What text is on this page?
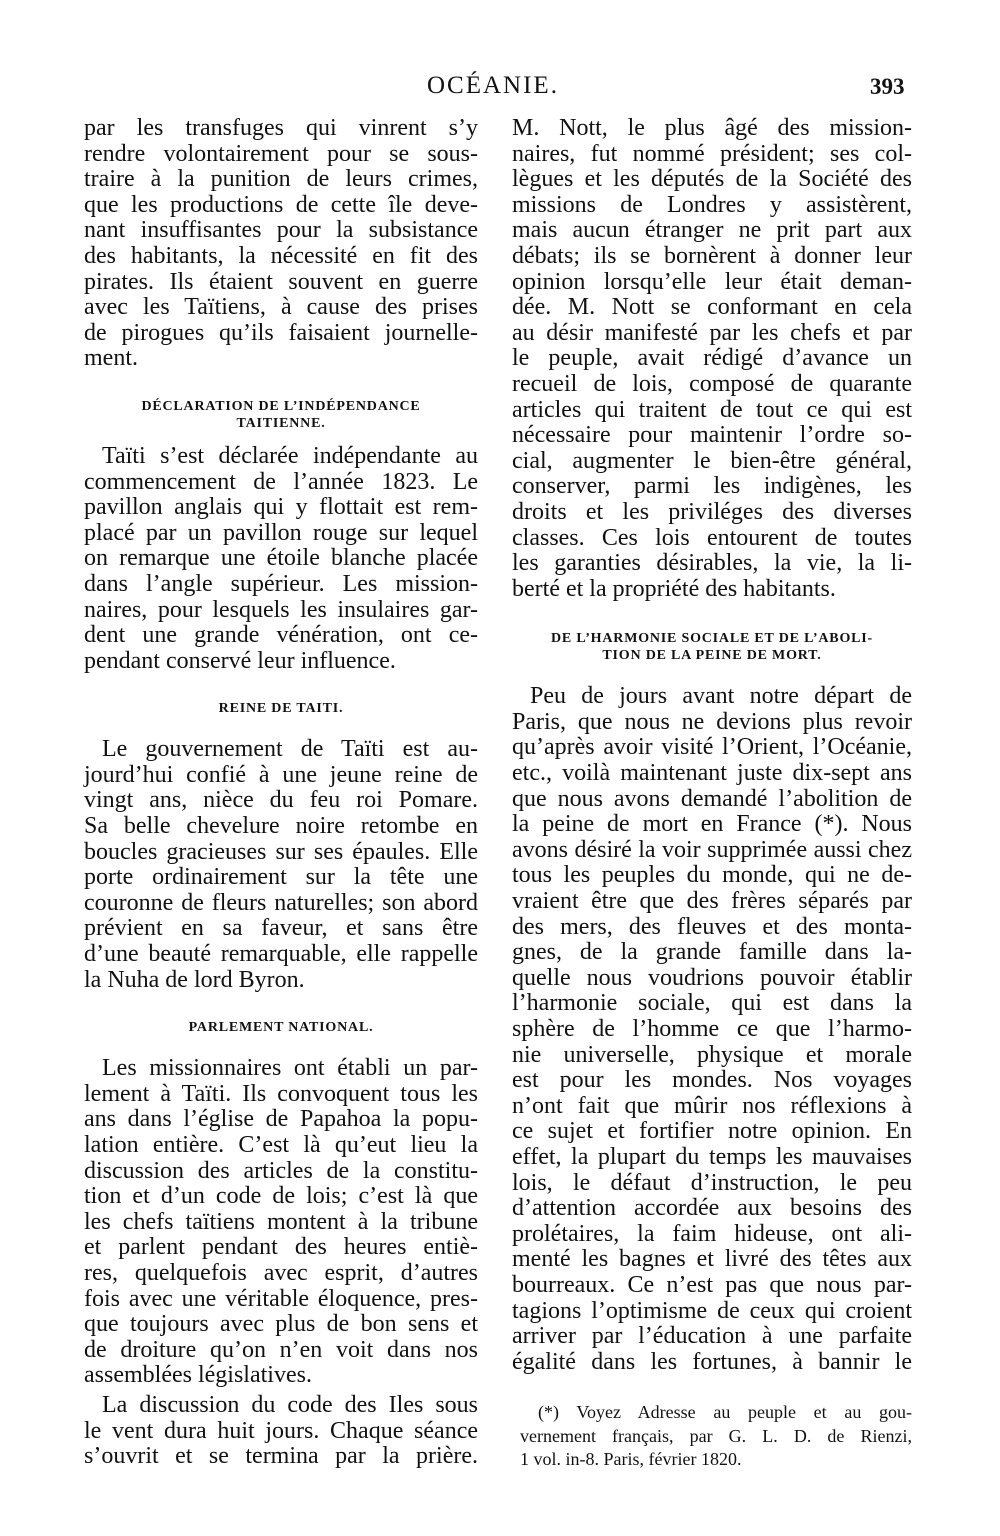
OCÉANIE.	393
par les transfuges qui vinrent s’y
rendre volontairement pour se sous-
traire à la punition de leurs crimes,
que les productions de cette île deve-
nant insuffisantes pour la subsistance
des habitants, la nécessité en fit des
pirates. Ils étaient souvent en guerre
avec les Taïtiens, à cause des prises
de pirogues qu’ils faisaient journelle-
ment.
DÉCLARATION DE L’INDÉPENDANCE
TAITIENNE.
Taïti s’est déclarée indépendante au
commencement de l’année 1823. Le
pavillon anglais qui y flottait est rem-
placé par un pavillon rouge sur lequel
on remarque une étoile blanche placée
dans l’angle supérieur. Les mission-
naires, pour lesquels les insulaires gar-
dent une grande vénération, ont ce-
pendant conservé leur influence.
REINE DE TAITI.
Le gouvernement de Taïti est au-
jourd’hui confié à une jeune reine de
vingt ans, nièce du feu roi Pomare.
Sa belle chevelure noire retombe en
boucles gracieuses sur ses épaules. Elle
porte ordinairement sur la tête une
couronne de fleurs naturelles; son abord
prévient en sa faveur, et sans être
d’une beauté remarquable, elle rappelle
la Nuha de lord Byron.
PARLEMENT NATIONAL.
Les missionnaires ont établi un par-
lement à Taïti. Ils convoquent tous les
ans dans l’église de Papahoa la popu-
lation entière. C’est là qu’eut lieu la
discussion des articles de la constitu-
tion et d’un code de lois; c’est là que
les chefs taïtiens montent à la tribune
et parlent pendant des heures entiè-
res, quelquefois avec esprit, d’autres
fois avec une véritable éloquence, pres-
que toujours avec plus de bon sens et
de droiture qu’on n’en voit dans nos
assemblées législatives.
La discussion du code des Iles sous
le vent dura huit jours. Chaque séance
s’ouvrit et se termina par la prière.
M. Nott, le plus âgé des mission-
naires, fut nommé président; ses col-
lègues et les députés de la Société des
missions de Londres y assistèrent,
mais aucun étranger ne prit part aux
débats; ils se bornèrent à donner leur
opinion lorsqu’elle leur était deman-
dée. M. Nott se conformant en cela
au désir manifesté par les chefs et par
le peuple, avait rédigé d’avance un
recueil de lois, composé de quarante
articles qui traitent de tout ce qui est
nécessaire pour maintenir l’ordre so-
cial, augmenter le bien-être général,
conserver, parmi les indigènes, les
droits et les priviléges des diverses
classes. Ces lois entourent de toutes
les garanties désirables, la vie, la li-
berté et la propriété des habitants.
DE L’HARMONIE SOCIALE ET DE L’ABOLI-
TION DE LA PEINE DE MORT.
Peu de jours avant notre départ de
Paris, que nous ne devions plus revoir
qu’après avoir visité l’Orient, l’Océanie,
etc., voilà maintenant juste dix-sept ans
que nous avons demandé l’abolition de
la peine de mort en France (*). Nous
avons désiré la voir supprimée aussi chez
tous les peuples du monde, qui ne de-
vraient être que des frères séparés par
des mers, des fleuves et des monta-
gnes, de la grande famille dans la-
quelle nous voudrions pouvoir établir
l’harmonie sociale, qui est dans la
sphère de l’homme ce que l’harmo-
nie universelle, physique et morale
est pour les mondes. Nos voyages
n’ont fait que mûrir nos réflexions à
ce sujet et fortifier notre opinion. En
effet, la plupart du temps les mauvaises
lois, le défaut d’instruction, le peu
d’attention accordée aux besoins des
prolétaires, la faim hideuse, ont ali-
menté les bagnes et livré des têtes aux
bourreaux. Ce n’est pas que nous par-
tagions l’optimisme de ceux qui croient
arriver par l’éducation à une parfaite
égalité dans les fortunes, à bannir le
(*) Voyez Adresse au peuple et au gou-
vernement français, par G. L. D. de Rienzi,
1 vol. in-8. Paris, février 1820.
